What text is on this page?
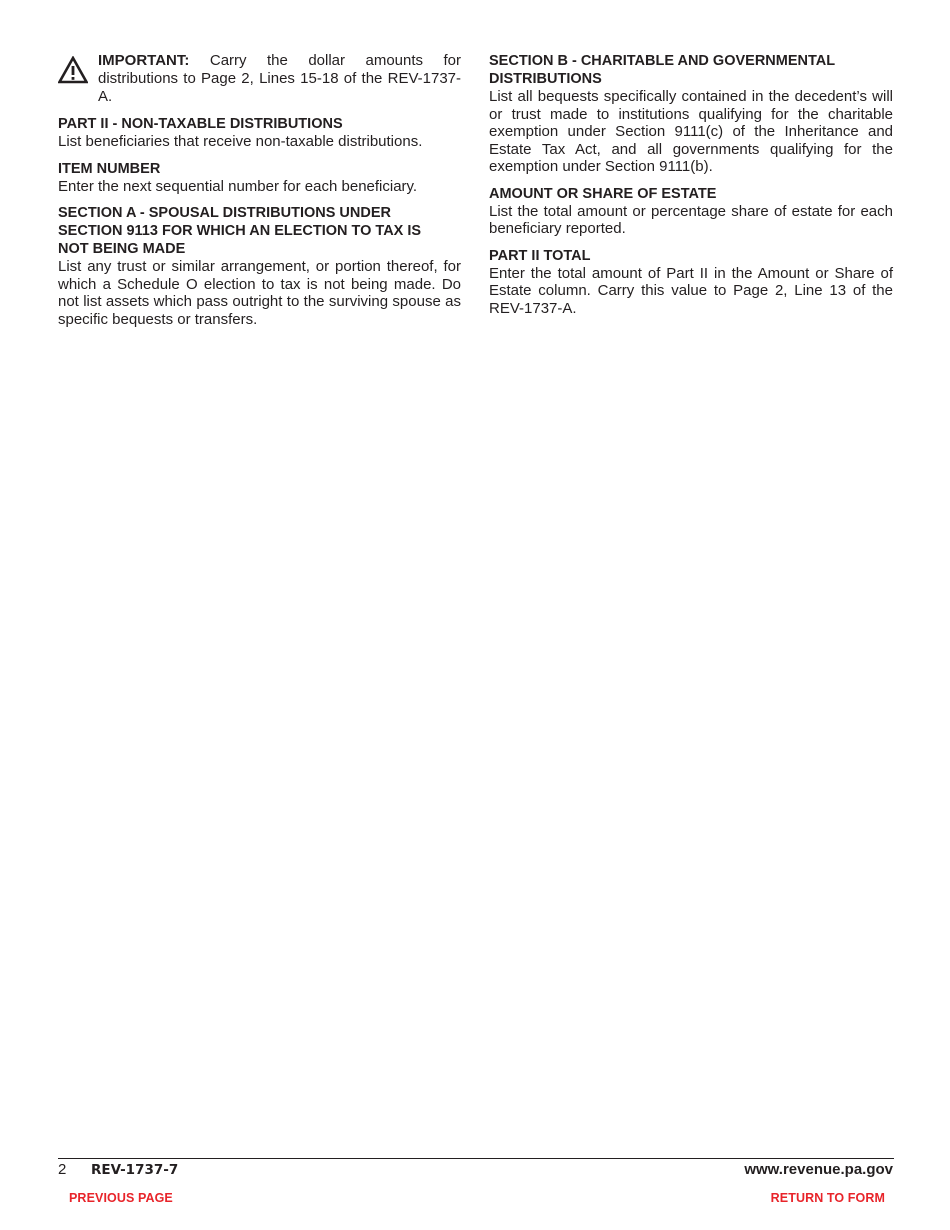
IMPORTANT: Carry the dollar amounts for distributions to Page 2, Lines 15-18 of the REV-1737-A.
PART II - NON-TAXABLE DISTRIBUTIONS

List beneficiaries that receive non-taxable distributions.

ITEM NUMBER

Enter the next sequential number for each beneficiary.

SECTION A - SPOUSAL DISTRIBUTIONS UNDER SECTION 9113 FOR WHICH AN ELECTION TO TAX IS NOT BEING MADE

List any trust or similar arrangement, or portion thereof, for which a Schedule O election to tax is not being made. Do not list assets which pass outright to the surviving spouse as specific bequests or transfers.

SECTION B - CHARITABLE AND GOVERNMENTAL DISTRIBUTIONS

List all bequests specifically contained in the decedent’s will or trust made to institutions qualifying for the charitable exemption under Section 9111(c) of the Inheritance and Estate Tax Act, and all governments qualifying for the exemption under Section 9111(b).

AMOUNT OR SHARE OF ESTATE

List the total amount or percentage share of estate for each beneficiary reported.

PART II TOTAL

Enter the total amount of Part II in the Amount or Share of Estate column. Carry this value to Page 2, Line 13 of the REV-1737-A.

2 REV-1737-7	www.revenue.pa.gov
PREVIOUS PAGE	RETURN TO FORM
